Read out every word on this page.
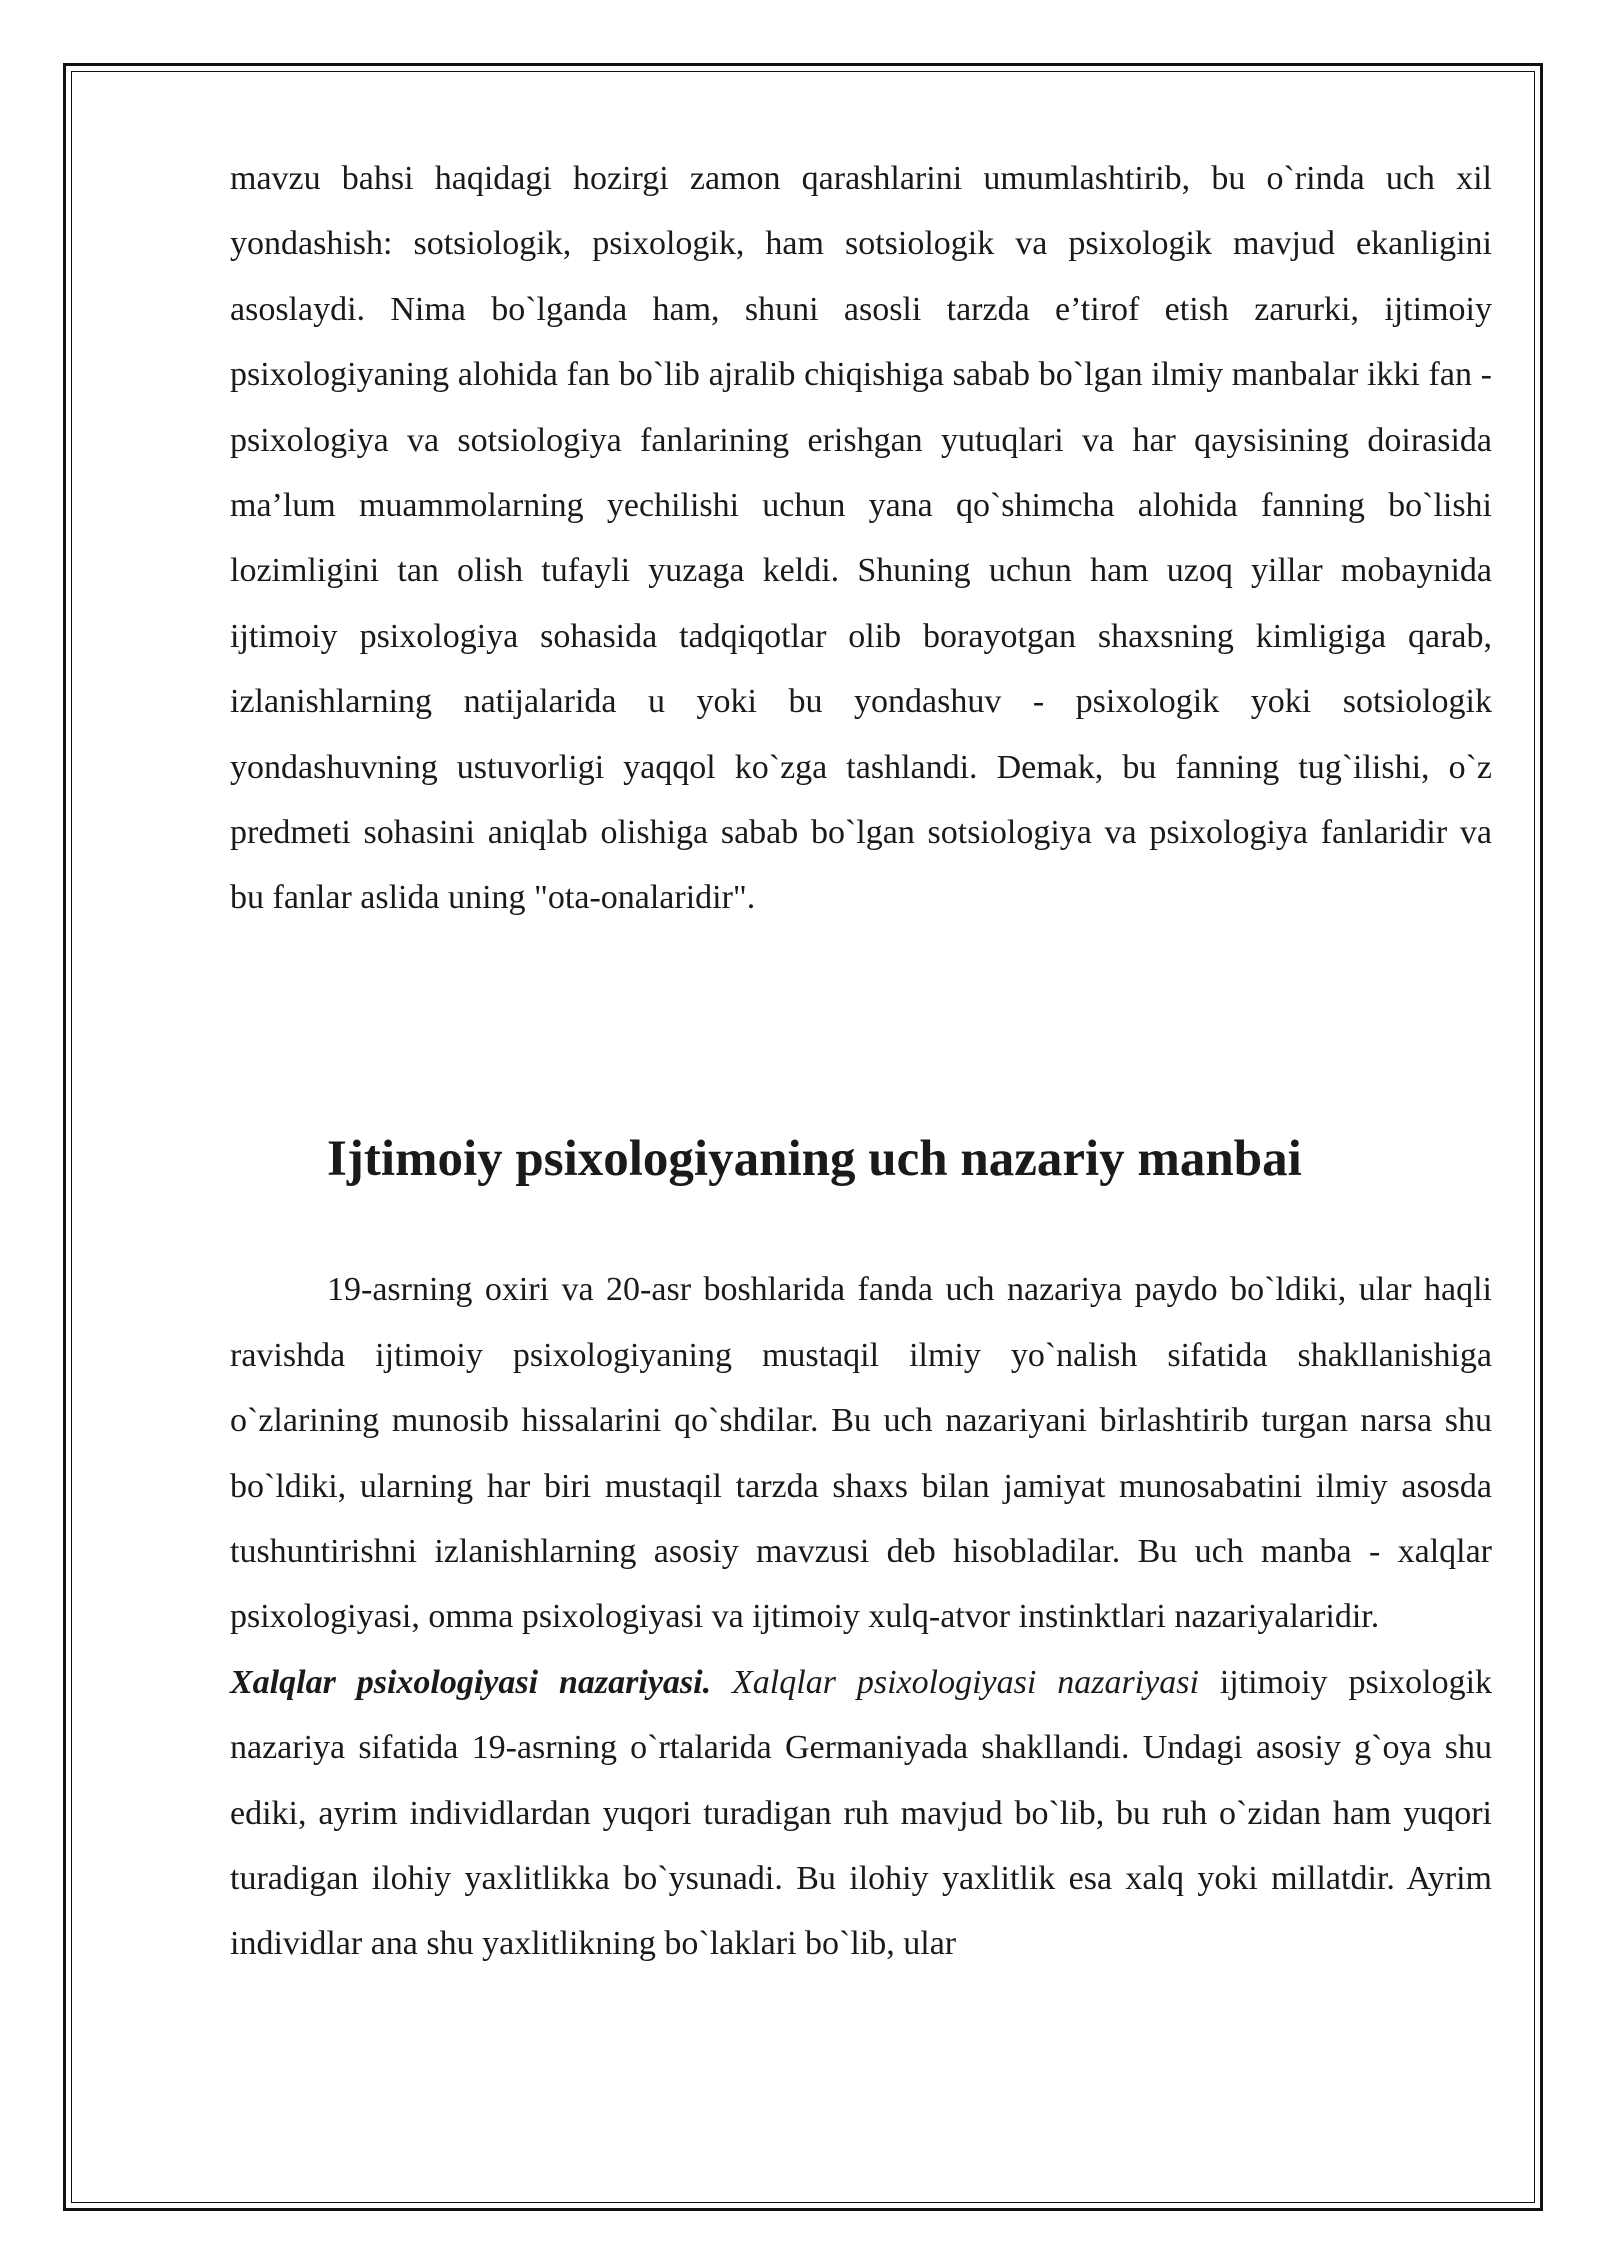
mavzu bahsi haqidagi hozirgi zamon qarashlarini umumlashtirib, bu o`rinda uch xil yondashish: sotsiologik, psixologik, ham sotsiologik va psixologik mavjud ekanligini asoslaydi. Nima bo`lganda ham, shuni asosli tarzda e’tirof etish zarurki, ijtimoiy psixologiyaning alohida fan bo`lib ajralib chiqishiga sabab bo`lgan ilmiy manbalar ikki fan - psixologiya va sotsiologiya fanlarining erishgan yutuqlari va har qaysisining doirasida ma’lum muammolarning yechilishi uchun yana qo`shimcha alohida fanning bo`lishi lozimligini tan olish tufayli yuzaga keldi. Shuning uchun ham uzoq yillar mobaynida ijtimoiy psixologiya sohasida tadqiqotlar olib borayotgan shaxsning kimligiga qarab, izlanishlarning natijalarida u yoki bu yondashuv - psixologik yoki sotsiologik yondashuvning ustuvorligi yaqqol ko`zga tashlandi. Demak, bu fanning tug`ilishi, o`z predmeti sohasini aniqlab olishiga sabab bo`lgan sotsiologiya va psixologiya fanlaridir va bu fanlar aslida uning "ota-onalaridir".

Ijtimoiy psixologiyaning uch nazariy manbai

19-asrning oxiri va 20-asr boshlarida fanda uch nazariya paydo bo`ldiki, ular haqli ravishda ijtimoiy psixologiyaning mustaqil ilmiy yo`nalish sifatida shakllanishiga o`zlarining munosib hissalarini qo`shdilar. Bu uch nazariyani birlashtirib turgan narsa shu bo`ldiki, ularning har biri mustaqil tarzda shaxs bilan jamiyat munosabatini ilmiy asosda tushuntirishni izlanishlarning asosiy mavzusi deb hisobladilar. Bu uch manba - xalqlar psixologiyasi, omma psixologiyasi va ijtimoiy xulq-atvor instinktlari nazariyalaridir.

Xalqlar psixologiyasi nazariyasi. Xalqlar psixologiyasi nazariyasi ijtimoiy psixologik nazariya sifatida 19-asrning o`rtalarida Germaniyada shakllandi. Undagi asosiy g`oya shu ediki, ayrim individlardan yuqori turadigan ruh mavjud bo`lib, bu ruh o`zidan ham yuqori turadigan ilohiy yaxlitlikka bo`ysunadi. Bu ilohiy yaxlitlik esa xalq yoki millatdir. Ayrim individlar ana shu yaxlitlikning bo`laklari bo`lib, ular
